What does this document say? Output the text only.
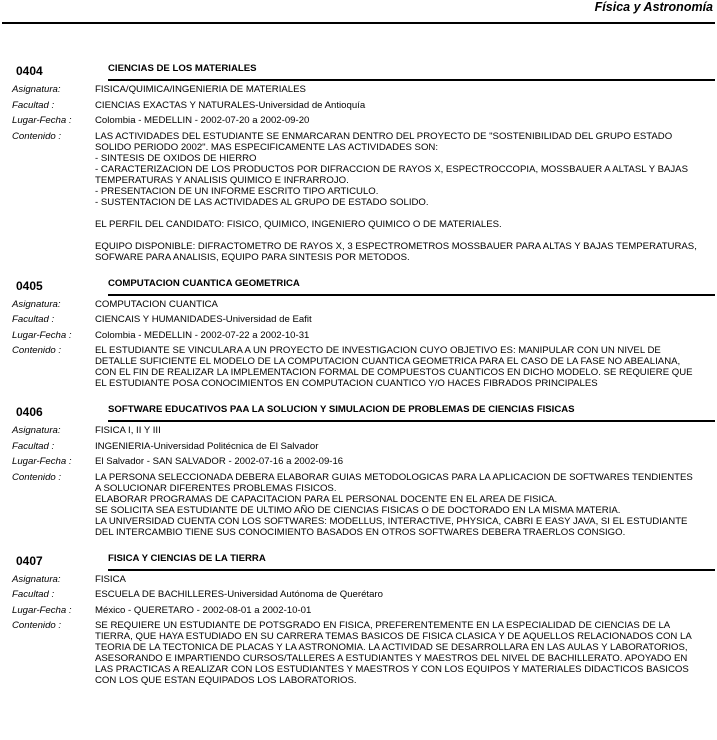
Física y Astronomía
0404	CIENCIAS DE LOS MATERIALES
Asignatura:	FISICA/QUIMICA/INGENIERIA DE MATERIALES
Facultad :	CIENCIAS EXACTAS Y NATURALES-Universidad de Antioquía
Lugar-Fecha :	Colombia - MEDELLIN - 2002-07-20 a 2002-09-20
Contenido :	LAS ACTIVIDADES DEL ESTUDIANTE SE ENMARCARAN DENTRO DEL PROYECTO DE "SOSTENIBILIDAD DEL GRUPO ESTADO SOLIDO PERIODO 2002". MAS ESPECIFICAMENTE LAS ACTIVIDADES SON:
- SINTESIS DE OXIDOS DE HIERRO
- CARACTERIZACION DE LOS PRODUCTOS POR DIFRACCION DE RAYOS X, ESPECTROCCOPIA, MOSSBAUER A ALTASL Y BAJAS TEMPERATURAS Y ANALISIS QUIMICO E INFRARROJO.
- PRESENTACION DE UN INFORME ESCRITO TIPO ARTICULO.
- SUSTENTACION DE LAS ACTIVIDADES AL GRUPO DE ESTADO SOLIDO.

EL PERFIL DEL CANDIDATO: FISICO, QUIMICO, INGENIERO QUIMICO O DE MATERIALES.

EQUIPO DISPONIBLE: DIFRACTOMETRO DE RAYOS X, 3 ESPECTROMETROS MOSSBAUER PARA ALTAS Y BAJAS TEMPERATURAS, SOFWARE PARA ANALISIS, EQUIPO PARA SINTESIS POR METODOS.
0405	COMPUTACION CUANTICA GEOMETRICA
Asignatura:	COMPUTACION CUANTICA
Facultad :	CIENCAIS Y HUMANIDADES-Universidad de Eafit
Lugar-Fecha :	Colombia - MEDELLIN - 2002-07-22 a 2002-10-31
Contenido :	EL ESTUDIANTE SE VINCULARA A UN PROYECTO DE INVESTIGACION CUYO OBJETIVO ES: MANIPULAR CON UN NIVEL DE DETALLE SUFICIENTE EL MODELO DE LA COMPUTACION CUANTICA GEOMETRICA PARA EL CASO DE LA FASE NO ABEALIANA, CON EL FIN DE REALIZAR LA IMPLEMENTACION FORMAL DE COMPUESTOS CUANTICOS EN DICHO MODELO. SE REQUIERE QUE EL ESTUDIANTE POSA CONOCIMIENTOS EN COMPUTACION CUANTICO Y/O HACES FIBRADOS PRINCIPALES
0406	SOFTWARE EDUCATIVOS PAA LA SOLUCION Y SIMULACION DE PROBLEMAS DE CIENCIAS FISICAS
Asignatura:	FISICA I, II Y III
Facultad :	INGENIERIA-Universidad Politécnica de El Salvador
Lugar-Fecha :	El Salvador - SAN SALVADOR - 2002-07-16 a 2002-09-16
Contenido :	LA PERSONA SELECCIONADA DEBERA ELABORAR GUIAS METODOLOGICAS PARA LA APLICACION DE SOFTWARES TENDIENTES A SOLUCIONAR DIFERENTES PROBLEMAS FISICOS.
ELABORAR PROGRAMAS DE CAPACITACION PARA EL PERSONAL DOCENTE EN EL AREA DE FISICA.
SE SOLICITA SEA ESTUDIANTE DE ULTIMO AÑO DE CIENCIAS FISICAS O DE DOCTORADO EN LA MISMA MATERIA.
LA UNIVERSIDAD CUENTA CON LOS SOFTWARES: MODELLUS, INTERACTIVE, PHYSICA, CABRI E EASY JAVA, SI EL ESTUDIANTE DEL INTERCAMBIO TIENE SUS CONOCIMIENTO BASADOS EN OTROS SOFTWARES DEBERA TRAERLOS CONSIGO.
0407	FISICA Y CIENCIAS DE LA TIERRA
Asignatura:	FISICA
Facultad :	ESCUELA DE BACHILLERES-Universidad Autónoma de Querétaro
Lugar-Fecha :	México - QUERETARO - 2002-08-01 a 2002-10-01
Contenido :	SE REQUIERE UN ESTUDIANTE DE POTSGRADO EN FISICA, PREFERENTEMENTE EN LA ESPECIALIDAD DE CIENCIAS DE LA TIERRA, QUE HAYA ESTUDIADO EN SU CARRERA TEMAS BASICOS DE FISICA CLASICA Y DE AQUELLOS RELACIONADOS CON LA TEORIA DE LA TECTONICA DE PLACAS Y LA ASTRONOMIA. LA ACTIVIDAD SE DESARROLLARA EN LAS AULAS Y LABORATORIOS, ASESORANDO E IMPARTIENDO CURSOS/TALLERES A ESTUDIANTES Y MAESTROS DEL NIVEL DE BACHILLERATO. APOYADO EN LAS PRACTICAS A REALIZAR CON LOS ESTUDIANTES Y MAESTROS Y CON LOS EQUIPOS Y MATERIALES DIDACTICOS BASICOS CON LOS QUE ESTAN EQUIPADOS LOS LABORATORIOS.
